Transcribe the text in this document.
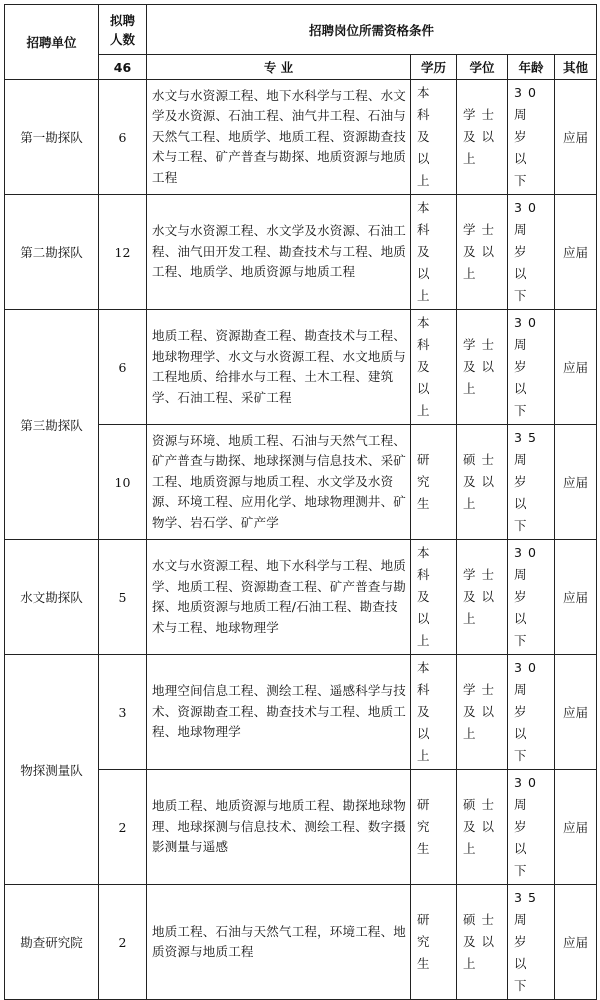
招聘单位	拟聘人数	招聘岗位所需资格条件				
	46	专 业	学历	学位	年龄	其他
第一勘探队	6	水文与水资源工程、地下水科学与工程、水文学及水资源、石油工程、油气井工程、石油与天然气工程、地质学、地质工程、资源勘查技术与工程、矿产普查与勘探、地质资源与地质工程	本科及以上	学士及以上	30周岁以下	应届
第二勘探队	12	水文与水资源工程、水文学及水资源、石油工程、油气田开发工程、勘查技术与工程、地质工程、地质学、地质资源与地质工程	本科及以上	学士及以上	30周岁以下	应届
第三勘探队	6	地质工程、资源勘查工程、勘查技术与工程、地球物理学、水文与水资源工程、水文地质与工程地质、给排水与工程、土木工程、建筑学、石油工程、采矿工程	本科及以上	学士及以上	30周岁以下	应届
	10	资源与环境、地质工程、石油与天然气工程、矿产普查与勘探、地球探测与信息技术、采矿工程、地质资源与地质工程、水文学及水资源、环境工程、应用化学、地球物理测井、矿物学、岩石学、矿产学	研究生	硕士及以上	35周岁以下	应届
水文勘探队	5	水文与水资源工程、地下水科学与工程、地质学、地质工程、资源勘查工程、矿产普查与勘探、地质资源与地质工程/石油工程、勘查技术与工程、地球物理学	本科及以上	学士及以上	30周岁以下	应届
物探测量队	3	地理空间信息工程、测绘工程、遥感科学与技术、资源勘查工程、勘查技术与工程、地质工程、地球物理学	本科及以上	学士及以上	30周岁以下	应届
	2	地质工程、地质资源与地质工程、勘探地球物理、地球探测与信息技术、测绘工程、数字摄影测量与遥感	研究生	硕士及以上	30周岁以下	应届
勘查研究院	2	地质工程、石油与天然气工程，环境工程、地质资源与地质工程	研究生	硕士及以上	35周岁以下	应届
